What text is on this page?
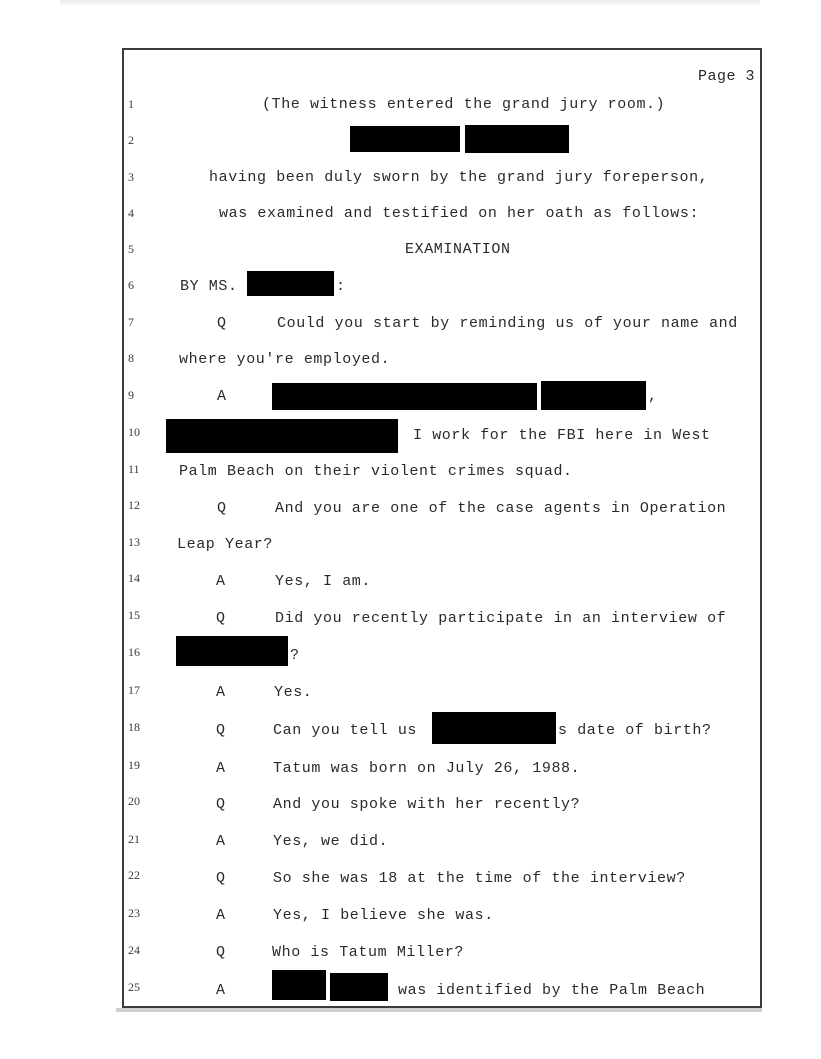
Page 3
1
2
3
4
5
6
7
8
9
10
11
12
13
14
15
16
17
18
19
20
21
22
23
24
25
(The witness entered the grand jury room.)
having been duly sworn by the grand jury foreperson,
was examined and testified on her oath as follows:
EXAMINATION
BY MS.	:
Q	Could you start by reminding us of your name and
where you're employed.
A	,
I work for the FBI here in West
Palm Beach on their violent crimes squad.
Q	And you are one of the case agents in Operation
Leap Year?
A	Yes, I am.
Q	Did you recently participate in an interview of
?
A	Yes.
Q	Can you tell us	s date of birth?
A	Tatum was born on July 26, 1988.
Q	And you spoke with her recently?
A	Yes, we did.
Q	So she was 18 at the time of the interview?
A	Yes, I believe she was.
Q	Who is Tatum Miller?
A	was identified by the Palm Beach
